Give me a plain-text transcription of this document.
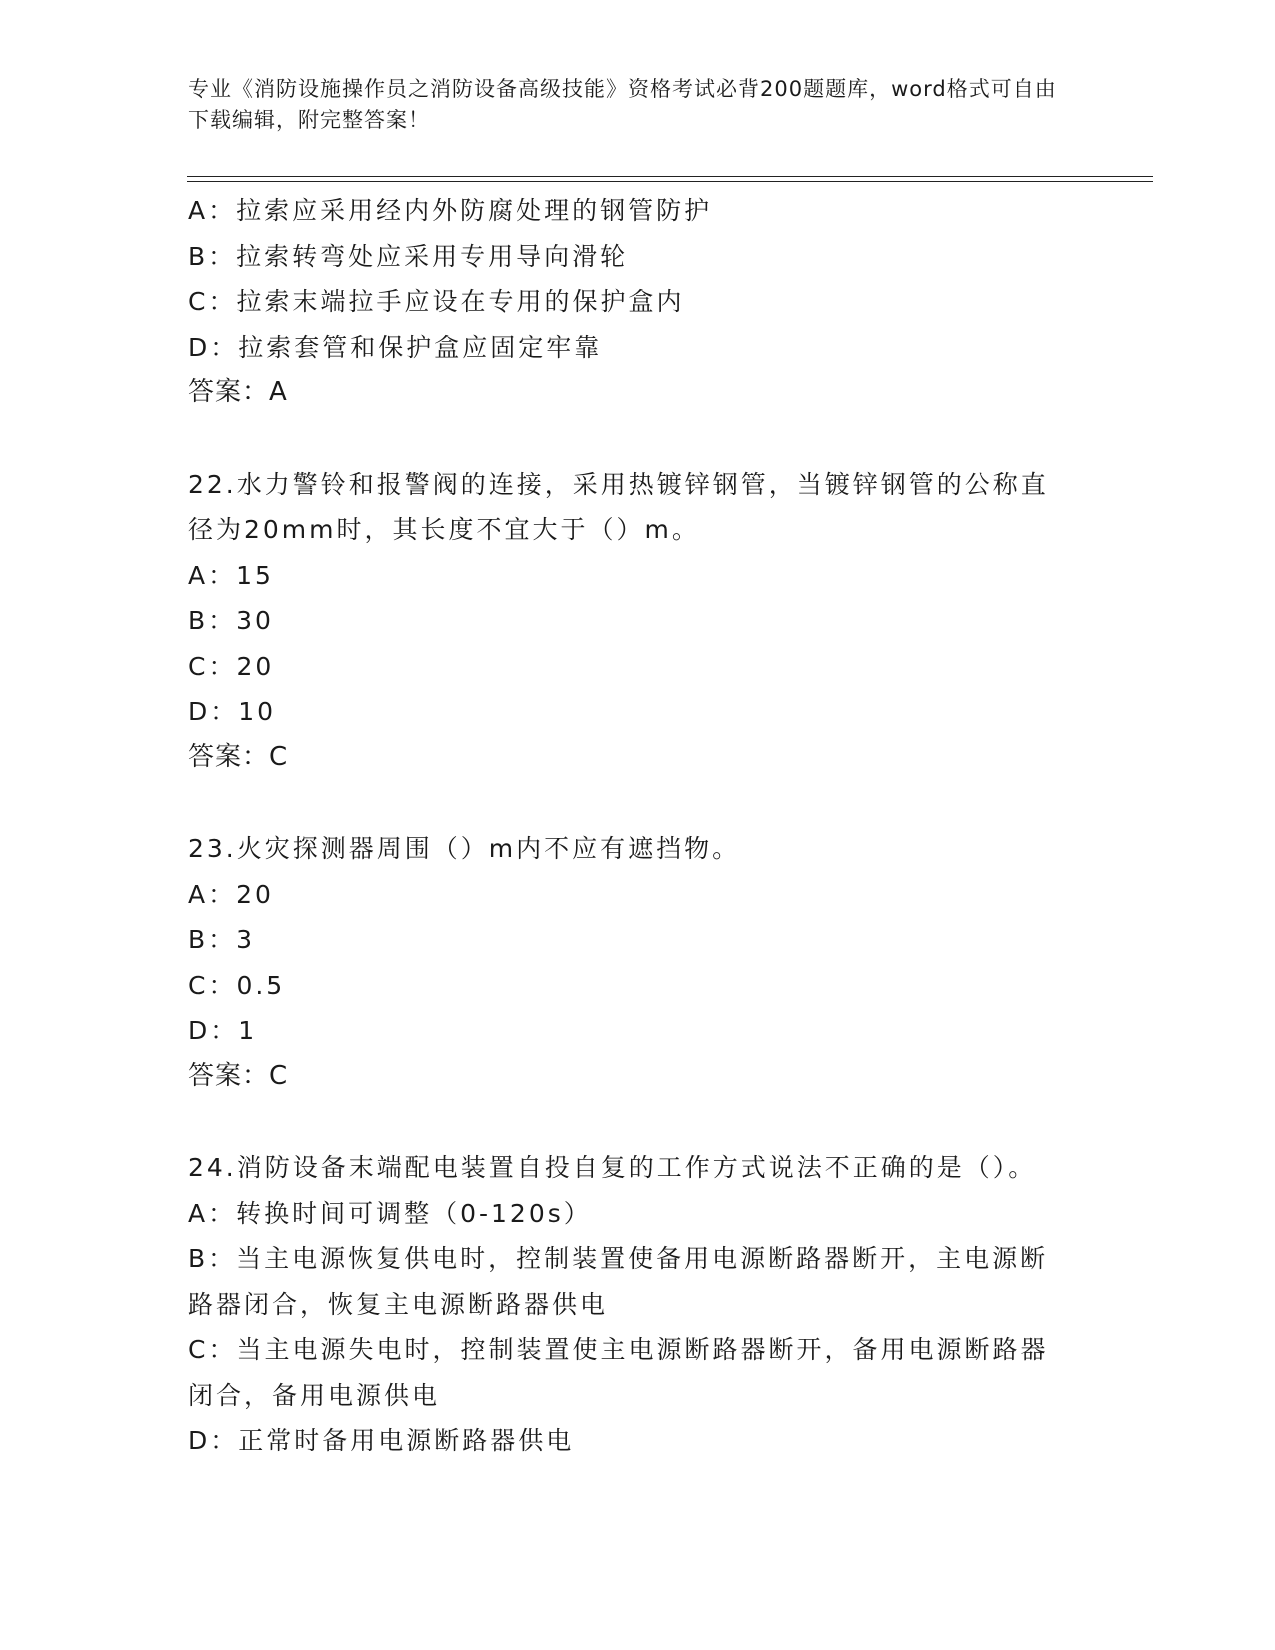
专业《消防设施操作员之消防设备高级技能》资格考试必背200题题库，word格式可自由下载编辑，附完整答案！
A：拉索应采用经内外防腐处理的钢管防护
B：拉索转弯处应采用专用导向滑轮
C：拉索末端拉手应设在专用的保护盒内
D：拉索套管和保护盒应固定牢靠
答案：A
22.水力警铃和报警阀的连接，采用热镀锌钢管，当镀锌钢管的公称直
径为20mm时，其长度不宜大于（）m。
A：15
B：30
C：20
D：10
答案：C
23.火灾探测器周围（）m内不应有遮挡物。
A：20
B：3
C：0.5
D：1
答案：C
24.消防设备末端配电装置自投自复的工作方式说法不正确的是（）。
A：转换时间可调整（0-120s）
B：当主电源恢复供电时，控制装置使备用电源断路器断开，主电源断
路器闭合，恢复主电源断路器供电
C：当主电源失电时，控制装置使主电源断路器断开，备用电源断路器
闭合，备用电源供电
D：正常时备用电源断路器供电
